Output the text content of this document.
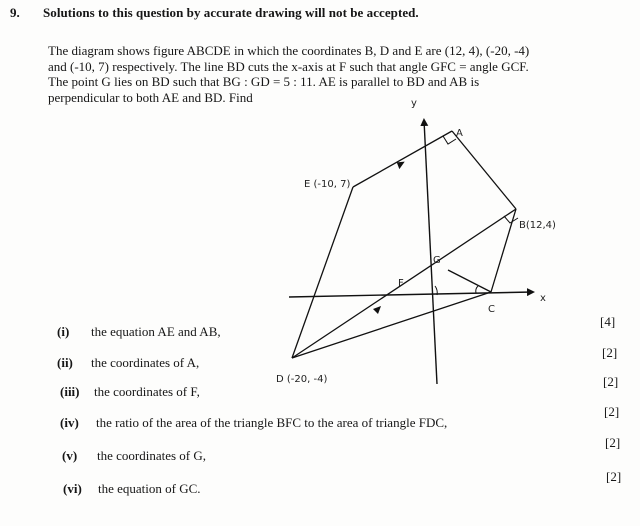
9. Solutions to this question by accurate drawing will not be accepted.
The diagram shows figure ABCDE in which the coordinates B, D and E are (12, 4), (-20, -4)
and (-10, 7) respectively. The line BD cuts the x-axis at F such that angle GFC = angle GCF.
The point G lies on BD such that BG : GD = 5 : 11. AE is parallel to BD and AB is
perpendicular to both AE and BD. Find	y
x
A
B(12,4)
C
D (-20, -4)
E (-10, 7)
F
G
(i) the equation AE and AB,
[4]
(ii) the coordinates of A,
[2]
(iii) the coordinates of F,
[2]
(iv) the ratio of the area of the triangle BFC to the area of triangle FDC,
[2]
(v) the coordinates of G,
[2]
(vi) the equation of GC.
[2]
